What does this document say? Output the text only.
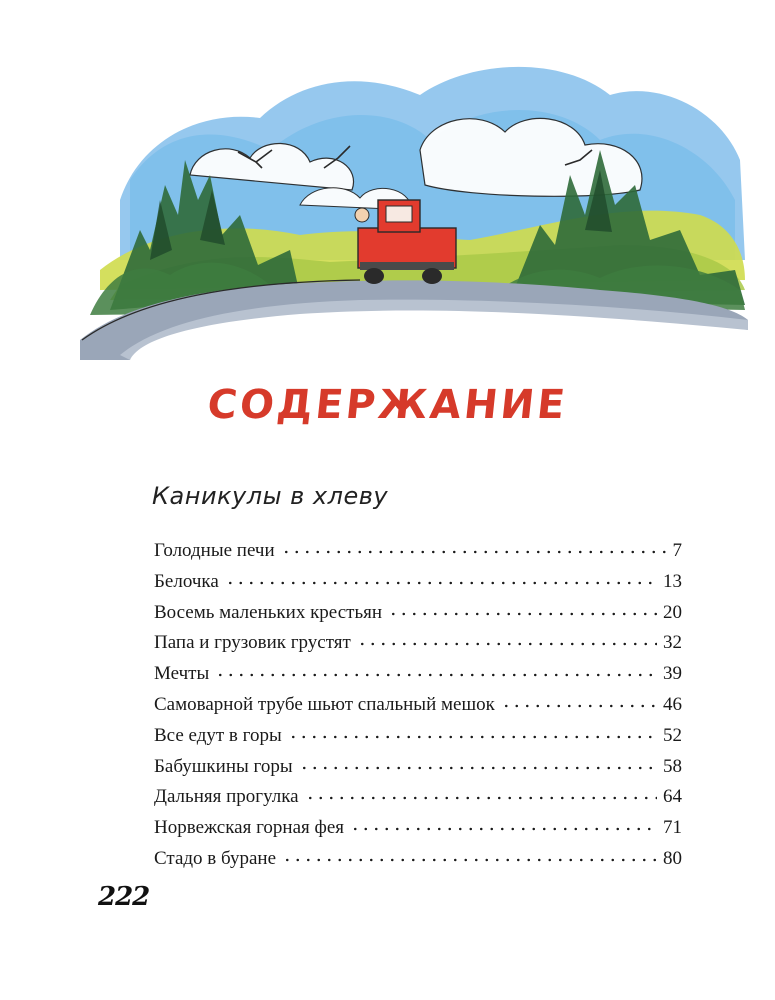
СОДЕРЖАНИЕ
Каникулы в хлеву
Голодные печи	7
Белочка	13
Восемь маленьких крестьян	20
Папа и грузовик грустят	32
Мечты	39
Самоварной трубе шьют спальный мешок	46
Все едут в горы	52
Бабушкины горы	58
Дальняя прогулка	64
Норвежская горная фея	71
Стадо в буране	80
222
